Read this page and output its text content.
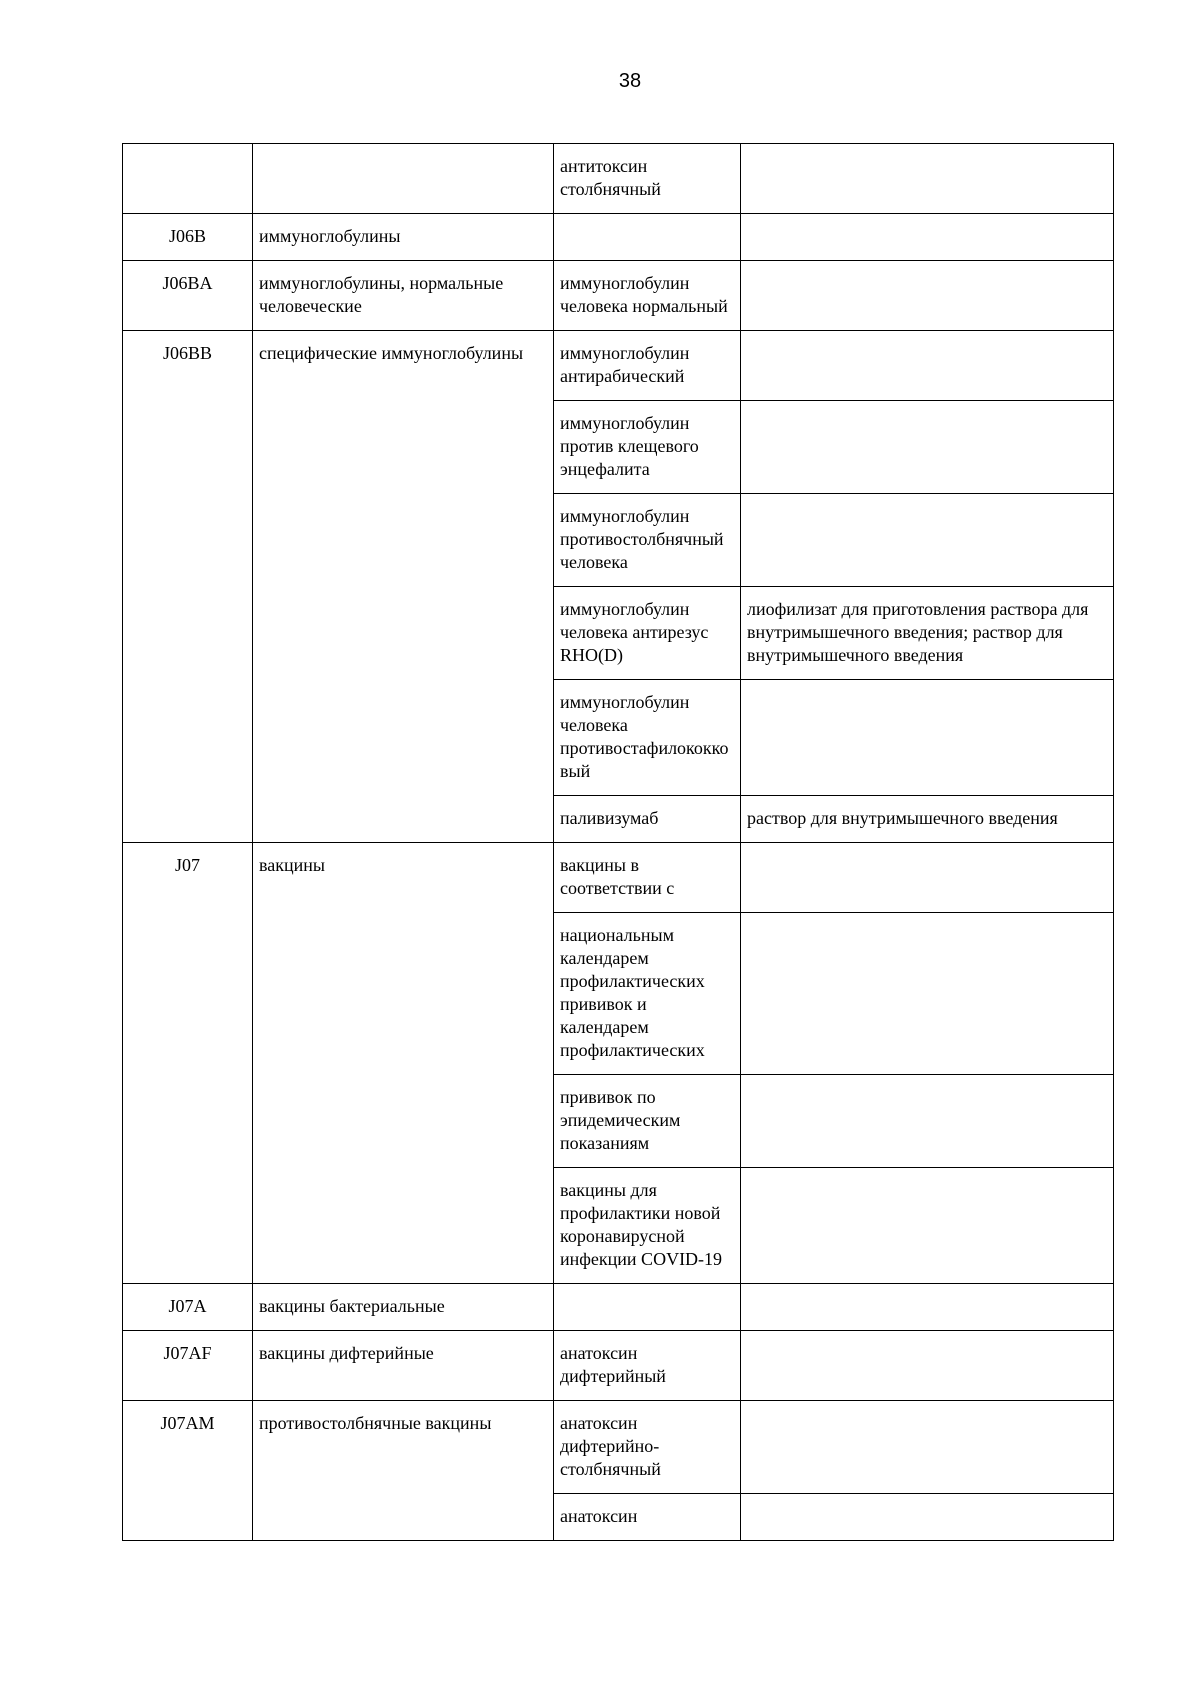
38
		антитоксин столбнячный	
J06B	иммуноглобулины		
J06BA	иммуноглобулины, нормальные человеческие	иммуноглобулин человека нормальный	
J06BB	специфические иммуноглобулины	иммуноглобулин антирабический	
		иммуноглобулин против клещевого энцефалита	
		иммуноглобулин противостолбнячный человека	
		иммуноглобулин человека антирезус RHO(D)	лиофилизат для приготовления раствора для внутримышечного введения; раствор для внутримышечного введения
		иммуноглобулин человека противостафилококковый	
		паливизумаб	раствор для внутримышечного введения
J07	вакцины	вакцины в соответствии с	
		национальным календарем профилактических прививок и календарем профилактических	
		прививок по эпидемическим показаниям	
		вакцины для профилактики новой коронавирусной инфекции COVID-19	
J07A	вакцины бактериальные		
J07AF	вакцины дифтерийные	анатоксин дифтерийный	
J07AM	противостолбнячные вакцины	анатоксин дифтерийно-столбнячный	
		анатоксин	
